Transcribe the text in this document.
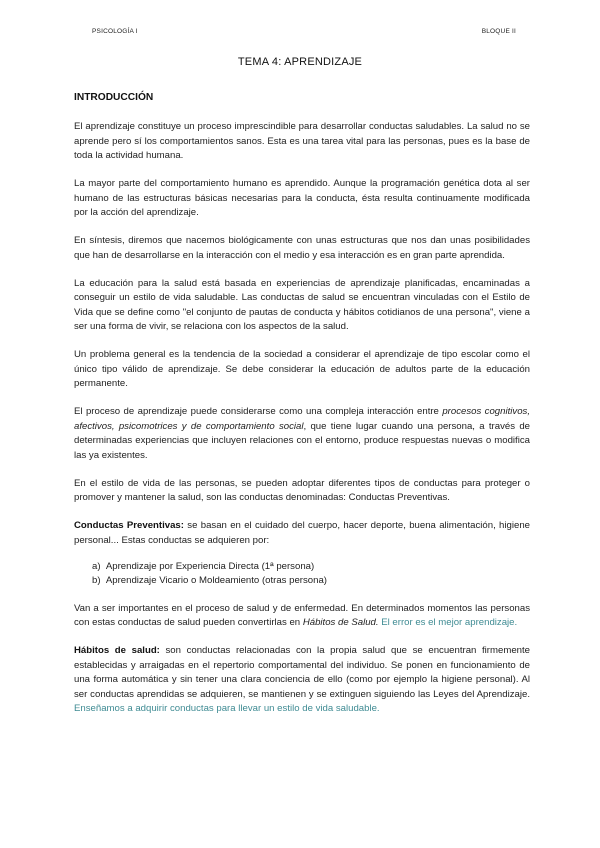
PSICOLOGÍA I	BLOQUE II
TEMA 4: APRENDIZAJE
INTRODUCCIÓN

El aprendizaje constituye un proceso imprescindible para desarrollar conductas saludables. La salud no se aprende pero sí los comportamientos sanos. Esta es una tarea vital para las personas, pues es la base de toda la actividad humana.

La mayor parte del comportamiento humano es aprendido. Aunque la programación genética dota al ser humano de las estructuras básicas necesarias para la conducta, ésta resulta continuamente modificada por la acción del aprendizaje.

En síntesis, diremos que nacemos biológicamente con unas estructuras que nos dan unas posibilidades que han de desarrollarse en la interacción con el medio y esa interacción es en gran parte aprendida.

La educación para la salud está basada en experiencias de aprendizaje planificadas, encaminadas a conseguir un estilo de vida saludable. Las conductas de salud se encuentran vinculadas con el Estilo de Vida que se define como "el conjunto de pautas de conducta y hábitos cotidianos de una persona", viene a ser una forma de vivir, se relaciona con los aspectos de la salud.

Un problema general es la tendencia de la sociedad a considerar el aprendizaje de tipo escolar como el único tipo válido de aprendizaje. Se debe considerar la educación de adultos parte de la educación permanente.

El proceso de aprendizaje puede considerarse como una compleja interacción entre procesos cognitivos, afectivos, psicomotrices y de comportamiento social, que tiene lugar cuando una persona, a través de determinadas experiencias que incluyen relaciones con el entorno, produce respuestas nuevas o modifica las ya existentes.

En el estilo de vida de las personas, se pueden adoptar diferentes tipos de conductas para proteger o promover y mantener la salud, son las conductas denominadas: Conductas Preventivas.

Conductas Preventivas: se basan en el cuidado del cuerpo, hacer deporte, buena alimentación, higiene personal... Estas conductas se adquieren por:

a)  Aprendizaje por Experiencia Directa (1ª persona)
b)  Aprendizaje Vicario o Moldeamiento (otras persona)

Van a ser importantes en el proceso de salud y de enfermedad. En determinados momentos las personas con estas conductas de salud pueden convertirlas en Hábitos de Salud. El error es el mejor aprendizaje.

Hábitos de salud: son conductas relacionadas con la propia salud que se encuentran firmemente establecidas y arraigadas en el repertorio comportamental del individuo. Se ponen en funcionamiento de una forma automática y sin tener una clara conciencia de ello (como por ejemplo la higiene personal). Al ser conductas aprendidas se adquieren, se mantienen y se extinguen siguiendo las Leyes del Aprendizaje. Enseñamos a adquirir conductas para llevar un estilo de vida saludable.
